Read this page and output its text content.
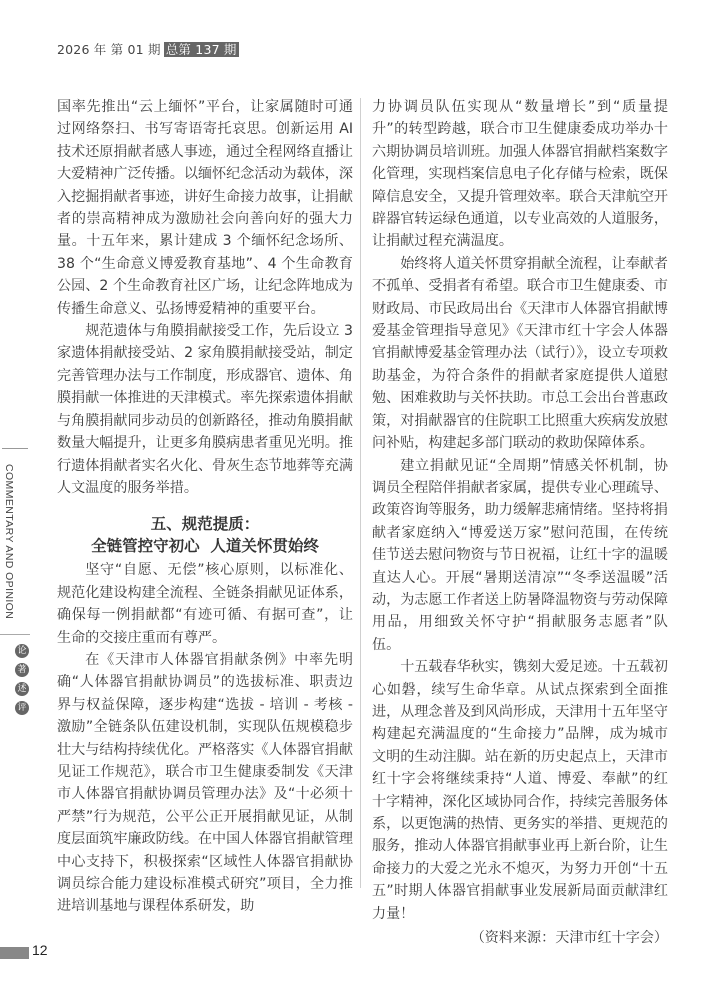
2026 年 第 01 期 总第 137 期
COMMENTARY AND OPINION
论
著
述
评

国率先推出“云上缅怀”平台，让家属随时可通过网络祭扫、书写寄语寄托哀思。创新运用 AI 技术还原捐献者感人事迹，通过全程网络直播让大爱精神广泛传播。以缅怀纪念活动为载体，深入挖掘捐献者事迹，讲好生命接力故事，让捐献者的崇高精神成为激励社会向善向好的强大力量。十五年来，累计建成 3 个缅怀纪念场所、38 个“生命意义博爱教育基地”、4 个生命教育公园、2 个生命教育社区广场，让纪念阵地成为传播生命意义、弘扬博爱精神的重要平台。

规范遗体与角膜捐献接受工作，先后设立 3 家遗体捐献接受站、2 家角膜捐献接受站，制定完善管理办法与工作制度，形成器官、遗体、角膜捐献一体推进的天津模式。率先探索遗体捐献与角膜捐献同步动员的创新路径，推动角膜捐献数量大幅提升，让更多角膜病患者重见光明。推行遗体捐献者实名火化、骨灰生态节地葬等充满人文温度的服务举措。

五、规范提质：
全链管控守初心  人道关怀贯始终

坚守“自愿、无偿”核心原则，以标准化、规范化建设构建全流程、全链条捐献见证体系，确保每一例捐献都“有迹可循、有据可查”，让生命的交接庄重而有尊严。

在《天津市人体器官捐献条例》中率先明确“人体器官捐献协调员”的选拔标准、职责边界与权益保障，逐步构建“选拔 - 培训 - 考核 - 激励”全链条队伍建设机制，实现队伍规模稳步壮大与结构持续优化。严格落实《人体器官捐献见证工作规范》，联合市卫生健康委制发《天津市人体器官捐献协调员管理办法》及“十必须十严禁”行为规范，公平公正开展捐献见证，从制度层面筑牢廉政防线。在中国人体器官捐献管理中心支持下，积极探索“区域性人体器官捐献协调员综合能力建设标准模式研究”项目，全力推进培训基地与课程体系研发，助

力协调员队伍实现从“数量增长”到“质量提升”的转型跨越，联合市卫生健康委成功举办十六期协调员培训班。加强人体器官捐献档案数字化管理，实现档案信息电子化存储与检索，既保障信息安全，又提升管理效率。联合天津航空开辟器官转运绿色通道，以专业高效的人道服务，让捐献过程充满温度。

始终将人道关怀贯穿捐献全流程，让奉献者不孤单、受捐者有希望。联合市卫生健康委、市财政局、市民政局出台《天津市人体器官捐献博爱基金管理指导意见》《天津市红十字会人体器官捐献博爱基金管理办法（试行）》，设立专项救助基金，为符合条件的捐献者家庭提供人道慰勉、困难救助与关怀扶助。市总工会出台普惠政策，对捐献器官的住院职工比照重大疾病发放慰问补贴，构建起多部门联动的救助保障体系。

建立捐献见证“全周期”情感关怀机制，协调员全程陪伴捐献者家属，提供专业心理疏导、政策咨询等服务，助力缓解悲痛情绪。坚持将捐献者家庭纳入“博爱送万家”慰问范围，在传统佳节送去慰问物资与节日祝福，让红十字的温暖直达人心。开展“暑期送清凉”“冬季送温暖”活动，为志愿工作者送上防暑降温物资与劳动保障用品，用细致关怀守护“捐献服务志愿者”队伍。

十五载春华秋实，镌刻大爱足迹。十五载初心如磐，续写生命华章。从试点探索到全面推进，从理念普及到风尚形成，天津用十五年坚守构建起充满温度的“生命接力”品牌，成为城市文明的生动注脚。站在新的历史起点上，天津市红十字会将继续秉持“人道、博爱、奉献”的红十字精神，深化区域协同合作，持续完善服务体系，以更饱满的热情、更务实的举措、更规范的服务，推动人体器官捐献事业再上新台阶，让生命接力的大爱之光永不熄灭，为努力开创“十五五”时期人体器官捐献事业发展新局面贡献津红力量！

（资料来源：天津市红十字会）
12
